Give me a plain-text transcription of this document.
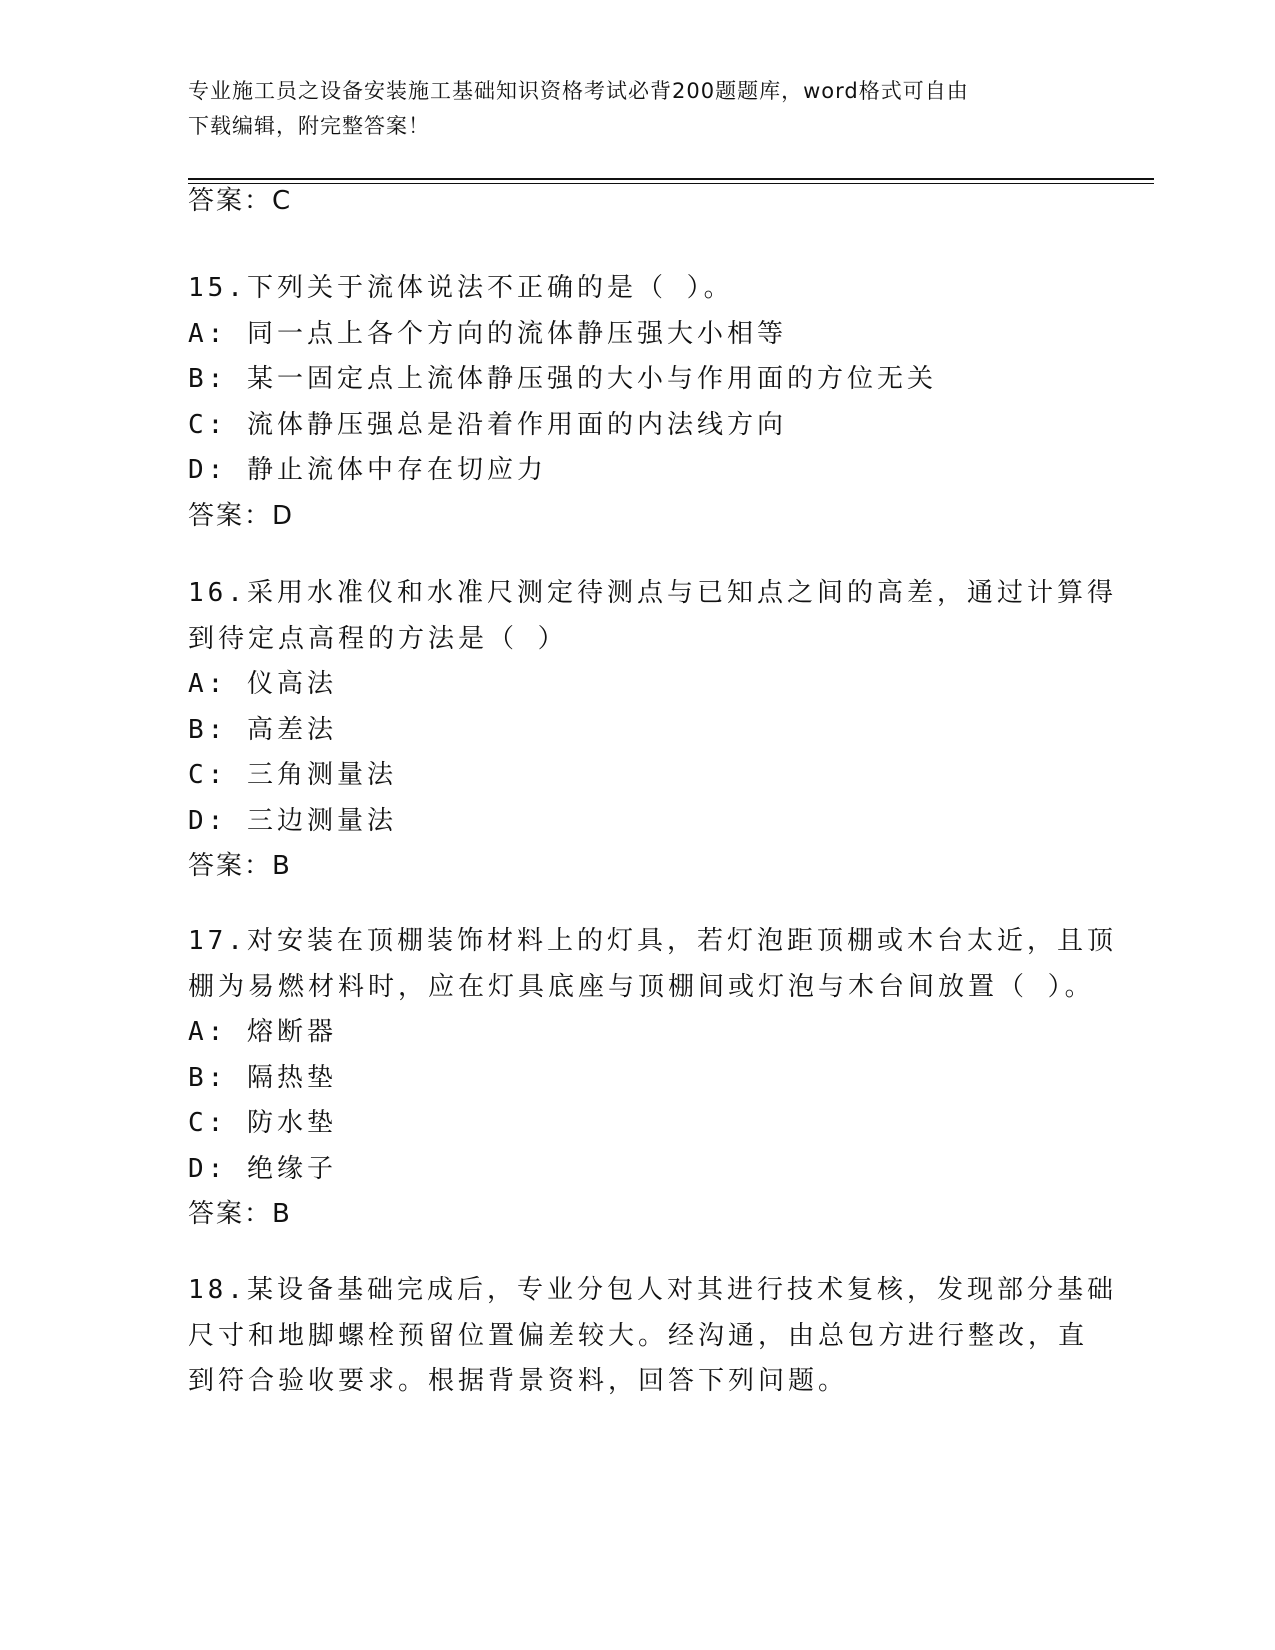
专业施工员之设备安装施工基础知识资格考试必背200题题库，word格式可自由
下载编辑，附完整答案！
答案：C
15.下列关于流体说法不正确的是（ ）。
A: 同一点上各个方向的流体静压强大小相等
B: 某一固定点上流体静压强的大小与作用面的方位无关
C: 流体静压强总是沿着作用面的内法线方向
D: 静止流体中存在切应力
答案：D
16.采用水准仪和水准尺测定待测点与已知点之间的高差，通过计算得
到待定点高程的方法是（ ）
A: 仪高法
B: 高差法
C: 三角测量法
D: 三边测量法
答案：B
17.对安装在顶棚装饰材料上的灯具，若灯泡距顶棚或木台太近，且顶
棚为易燃材料时，应在灯具底座与顶棚间或灯泡与木台间放置（ ）。
A: 熔断器
B: 隔热垫
C: 防水垫
D: 绝缘子
答案：B
18.某设备基础完成后，专业分包人对其进行技术复核，发现部分基础
尺寸和地脚螺栓预留位置偏差较大。经沟通，由总包方进行整改，直
到符合验收要求。根据背景资料，回答下列问题。
